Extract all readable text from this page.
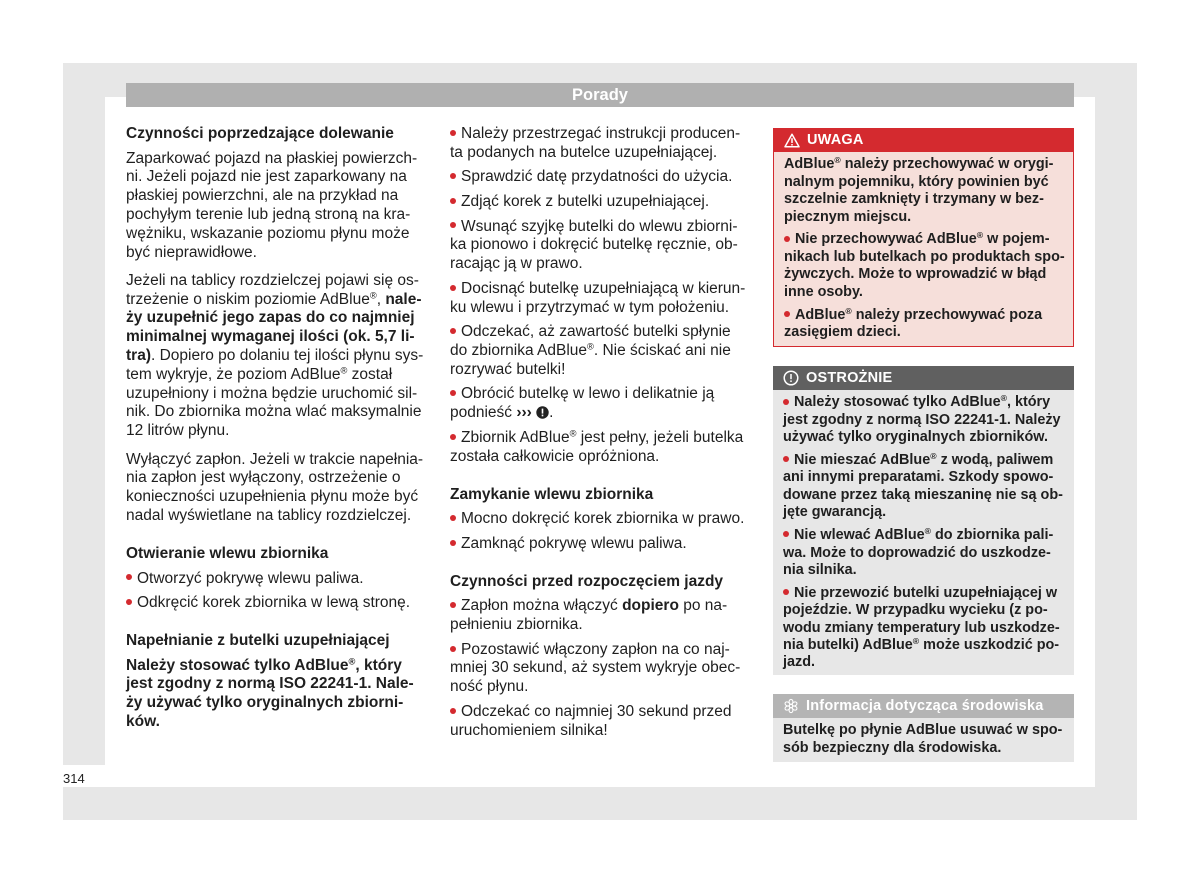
Porady
Czynności poprzedzające dolewanie
Zaparkować pojazd na płaskiej powierzch-
ni. Jeżeli pojazd nie jest zaparkowany na
płaskiej powierzchni, ale na przykład na
pochyłym terenie lub jedną stroną na kra-
wężniku, wskazanie poziomu płynu może
być nieprawidłowe.
Jeżeli na tablicy rozdzielczej pojawi się os-
trzeżenie o niskim poziomie AdBlue®, nale-
ży uzupełnić jego zapas do co najmniej
minimalnej wymaganej ilości (ok. 5,7 li-
tra). Dopiero po dolaniu tej ilości płynu sys-
tem wykryje, że poziom AdBlue® został
uzupełniony i można będzie uruchomić sil-
nik. Do zbiornika można wlać maksymalnie
12 litrów płynu.
Wyłączyć zapłon. Jeżeli w trakcie napełnia-
nia zapłon jest wyłączony, ostrzeżenie o
konieczności uzupełnienia płynu może być
nadal wyświetlane na tablicy rozdzielczej.
Otwieranie wlewu zbiornika
Otworzyć pokrywę wlewu paliwa.
Odkręcić korek zbiornika w lewą stronę.
Napełnianie z butelki uzupełniającej
Należy stosować tylko AdBlue®, który
jest zgodny z normą ISO 22241-1. Nale-
ży używać tylko oryginalnych zbiorni-
ków.
Należy przestrzegać instrukcji producen-
ta podanych na butelce uzupełniającej.
Sprawdzić datę przydatności do użycia.
Zdjąć korek z butelki uzupełniającej.
Wsunąć szyjkę butelki do wlewu zbiorni-
ka pionowo i dokręcić butelkę ręcznie, ob-
racając ją w prawo.
Docisnąć butelkę uzupełniającą w kierun-
ku wlewu i przytrzymać w tym położeniu.
Odczekać, aż zawartość butelki spłynie
do zbiornika AdBlue®. Nie ściskać ani nie
rozrywać butelki!
Obrócić butelkę w lewo i delikatnie ją
podnieść ››› .
Zbiornik AdBlue® jest pełny, jeżeli butelka
została całkowicie opróżniona.
Zamykanie wlewu zbiornika
Mocno dokręcić korek zbiornika w prawo.
Zamknąć pokrywę wlewu paliwa.
Czynności przed rozpoczęciem jazdy
Zapłon można włączyć dopiero po na-
pełnieniu zbiornika.
Pozostawić włączony zapłon na co naj-
mniej 30 sekund, aż system wykryje obec-
ność płynu.
Odczekać co najmniej 30 sekund przed
uruchomieniem silnika!
UWAGA
AdBlue® należy przechowywać w orygi-
nalnym pojemniku, który powinien być
szczelnie zamknięty i trzymany w bez-
piecznym miejscu.
Nie przechowywać AdBlue® w pojem-
nikach lub butelkach po produktach spo-
żywczych. Może to wprowadzić w błąd
inne osoby.
AdBlue® należy przechowywać poza
zasięgiem dzieci.
OSTROŻNIE
Należy stosować tylko AdBlue®, który
jest zgodny z normą ISO 22241-1. Należy
używać tylko oryginalnych zbiorników.
Nie mieszać AdBlue® z wodą, paliwem
ani innymi preparatami. Szkody spowo-
dowane przez taką mieszaninę nie są ob-
jęte gwarancją.
Nie wlewać AdBlue® do zbiornika pali-
wa. Może to doprowadzić do uszkodze-
nia silnika.
Nie przewozić butelki uzupełniającej w
pojeździe. W przypadku wycieku (z po-
wodu zmiany temperatury lub uszkodze-
nia butelki) AdBlue® może uszkodzić po-
jazd.
Informacja dotycząca środowiska
Butelkę po płynie AdBlue usuwać w spo-
sób bezpieczny dla środowiska.
314
